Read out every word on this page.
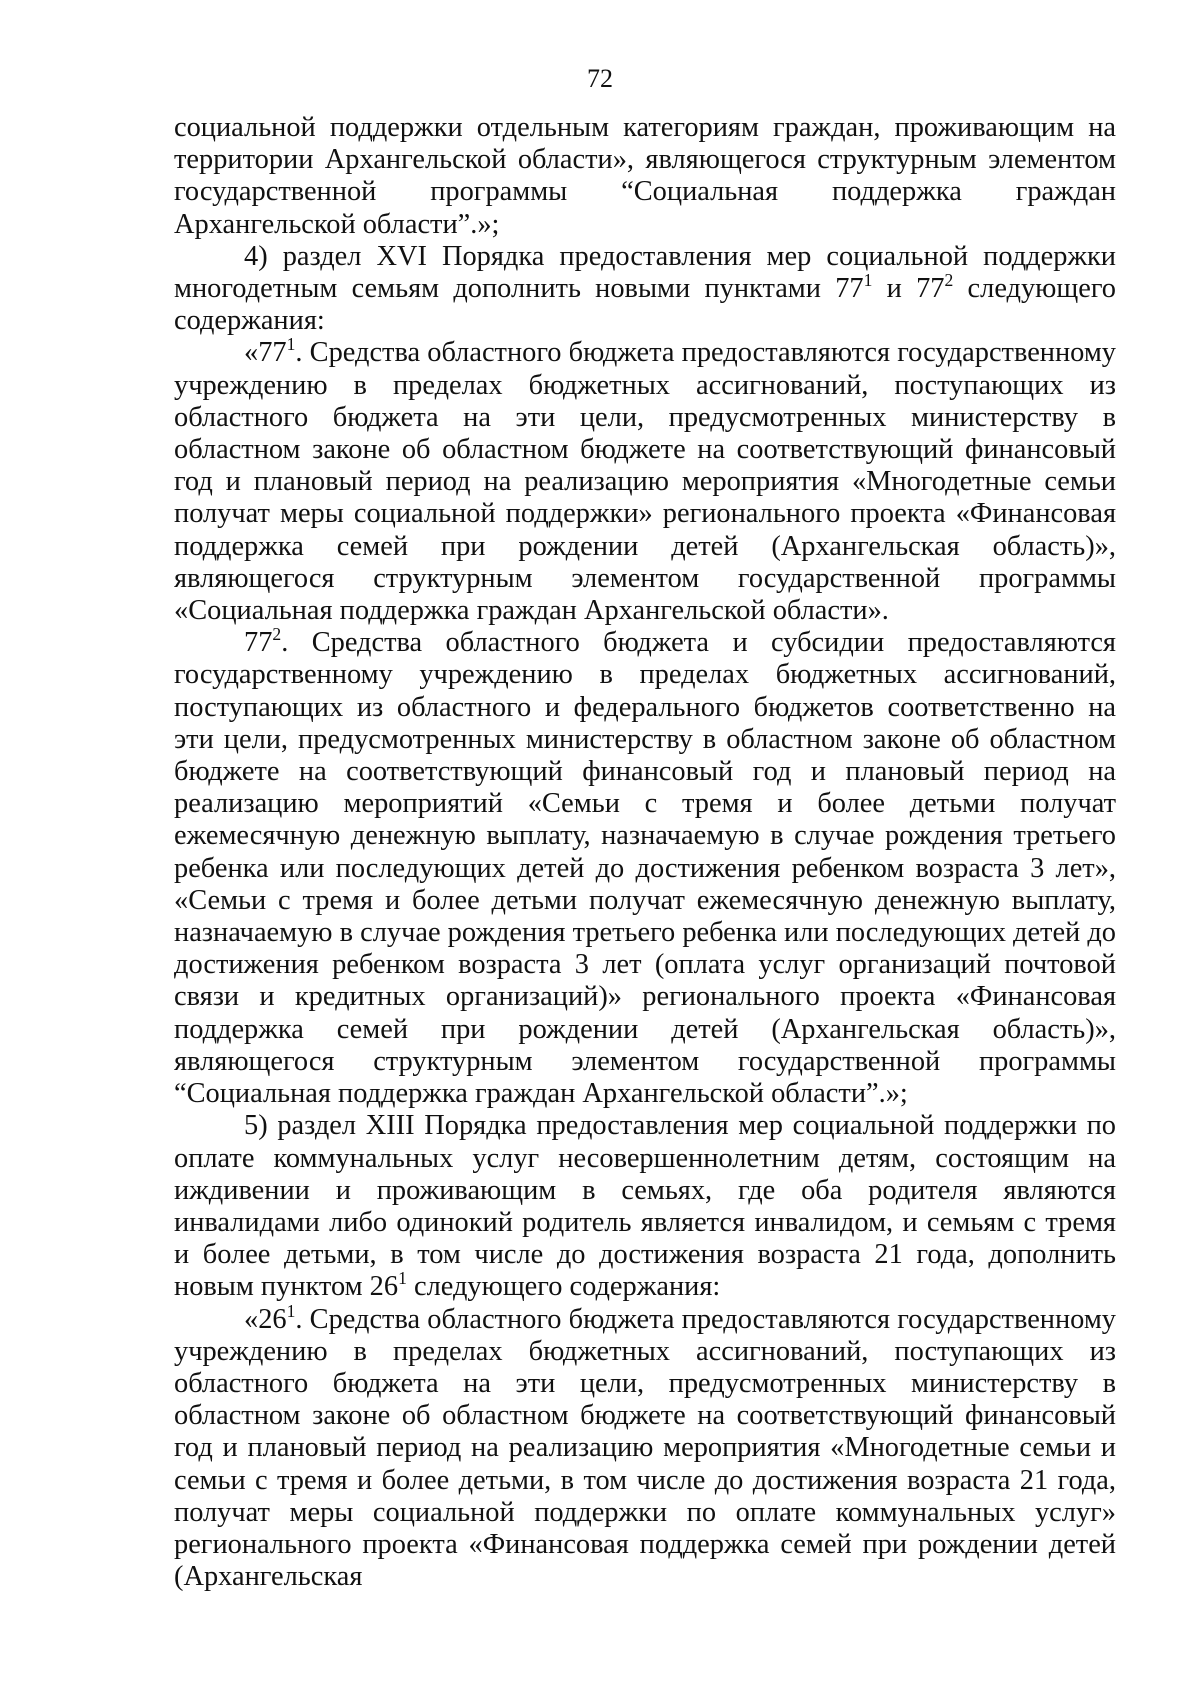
72

социальной поддержки отдельным категориям граждан, проживающим на территории Архангельской области», являющегося структурным элементом государственной программы “Социальная поддержка граждан Архангельской области”.»;

4) раздел XVI Порядка предоставления мер социальной поддержки многодетным семьям дополнить новыми пунктами $77^1$ и $77^2$ следующего содержания:

«$77^1$. Средства областного бюджета предоставляются государственному учреждению в пределах бюджетных ассигнований, поступающих из областного бюджета на эти цели, предусмотренных министерству в областном законе об областном бюджете на соответствующий финансовый год и плановый период на реализацию мероприятия «Многодетные семьи получат меры социальной поддержки» регионального проекта «Финансовая поддержка семей при рождении детей (Архангельская область)», являющегося структурным элементом государственной программы «Социальная поддержка граждан Архангельской области».

$77^2$. Средства областного бюджета и субсидии предоставляются государственному учреждению в пределах бюджетных ассигнований, поступающих из областного и федерального бюджетов соответственно на эти цели, предусмотренных министерству в областном законе об областном бюджете на соответствующий финансовый год и плановый период на реализацию мероприятий «Семьи с тремя и более детьми получат ежемесячную денежную выплату, назначаемую в случае рождения третьего ребенка или последующих детей до достижения ребенком возраста 3 лет», «Семьи с тремя и более детьми получат ежемесячную денежную выплату, назначаемую в случае рождения третьего ребенка или последующих детей до достижения ребенком возраста 3 лет (оплата услуг организаций почтовой связи и кредитных организаций)» регионального проекта «Финансовая поддержка семей при рождении детей (Архангельская область)», являющегося структурным элементом государственной программы “Социальная поддержка граждан Архангельской области”.»;

5) раздел XIII Порядка предоставления мер социальной поддержки по оплате коммунальных услуг несовершеннолетним детям, состоящим на иждивении и проживающим в семьях, где оба родителя являются инвалидами либо одинокий родитель является инвалидом, и семьям с тремя и более детьми, в том числе до достижения возраста 21 года, дополнить новым пунктом $26^1$ следующего содержания:

«$26^1$. Средства областного бюджета предоставляются государственному учреждению в пределах бюджетных ассигнований, поступающих из областного бюджета на эти цели, предусмотренных министерству в областном законе об областном бюджете на соответствующий финансовый год и плановый период на реализацию мероприятия «Многодетные семьи и семьи с тремя и более детьми, в том числе до достижения возраста 21 года, получат меры социальной поддержки по оплате коммунальных услуг» регионального проекта «Финансовая поддержка семей при рождении детей (Архангельская
